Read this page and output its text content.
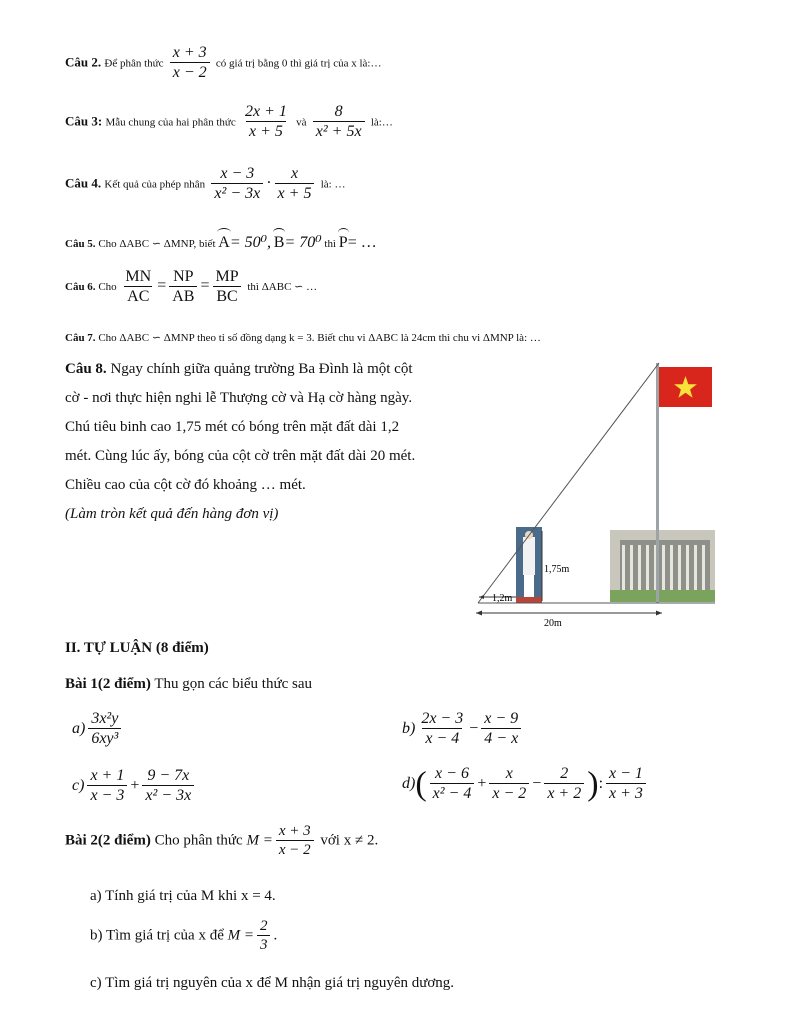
Câu 2. Để phân thức $\frac{x + 3}{x - 2}$ có giá trị bằng 0 thì giá trị của x là:…
Câu 3: Mẫu chung của hai phân thức $\frac{2x + 1}{x + 5}$ và $\frac{8}{\text{x² + 5x}}$ là:…
Câu 4. Kết quả của phép nhân $\frac{x - 3}{\text{x² − 3x}} \cdot \frac{x}{x + 5}$ là: …
Câu 5. Cho ΔABC ∽ ΔMNP, biết A= 50⁰, B= 70⁰ thì P= …
Câu 6. Cho $\frac{MN}{AC} = \frac{NP}{AB} = \frac{MP}{BC}$ thì ΔABC ∽ …
Câu 7. Cho ΔABC ∽ ΔMNP theo tỉ số đồng dạng k = 3. Biết chu vi ΔABC là 24cm thì chu vi ΔMNP là: …
Câu 8. Ngay chính giữa quảng trường Ba Đình là một cột
cờ - nơi thực hiện nghi lễ Thượng cờ và Hạ cờ hàng ngày.
Chú tiêu binh cao 1,75 mét có bóng trên mặt đất dài 1,2
mét. Cùng lúc ấy, bóng của cột cờ trên mặt đất dài 20 mét.
Chiều cao của cột cờ đó khoảng … mét.
(Làm tròn kết quả đến hàng đơn vị)
1,75m
1,2m
20m
II. TỰ LUẬN (8 điểm)
Bài 1(2 điểm) Thu gọn các biểu thức sau
$a) \frac{\text{3x²y}}{\text{6xy³}}$	$b) \frac{2x - 3}{x - 4} - \frac{x - 9}{4 - x}$
$c) \frac{x + 1}{x - 3} + \frac{9 - 7x}{\text{x² − 3x}}$	$d)( \frac{x - 6}{\text{x² − 4}} + \frac{x}{x - 2} - \frac{2}{x + 2}$ ): $\frac{x - 1}{x + 3}$
Bài 2(2 điểm) Cho phân thức $M = \frac{x + 3}{x - 2}$ với x ≠ 2.
a) Tính giá trị của M khi x = 4.
b) Tìm giá trị của x để $M = \frac{2}{3}$ .
c) Tìm giá trị nguyên của x để M nhận giá trị nguyên dương.
